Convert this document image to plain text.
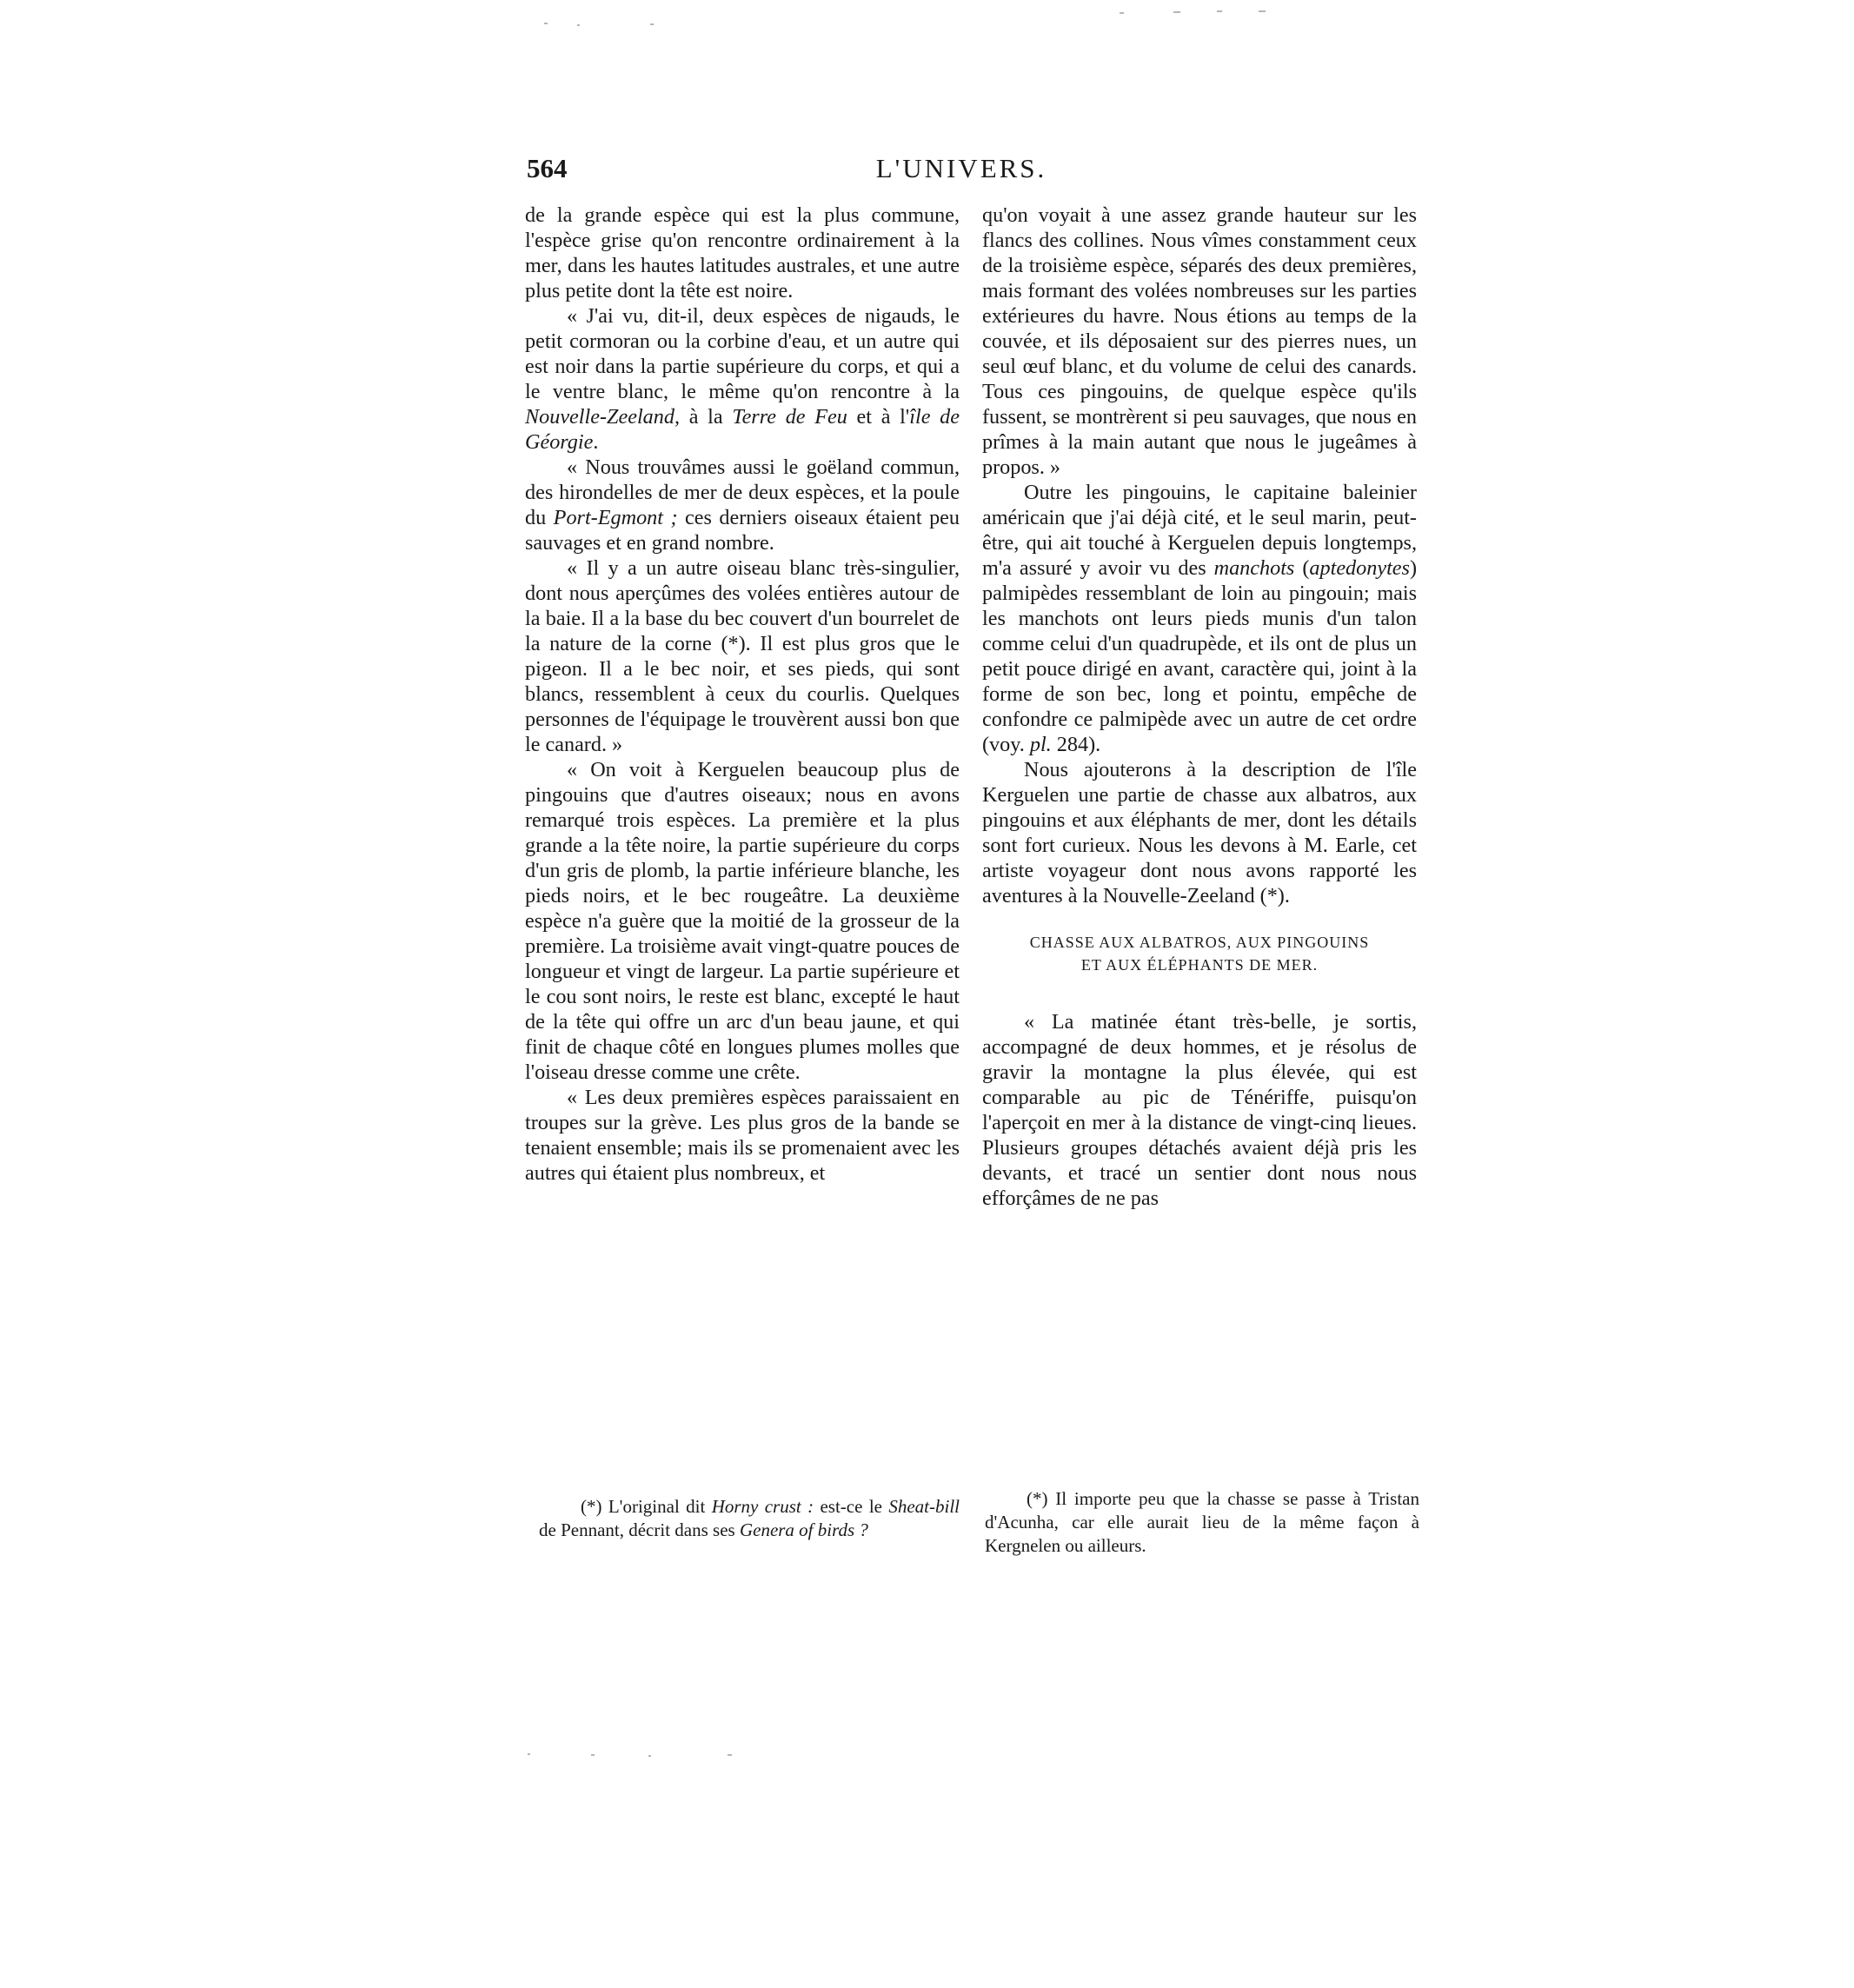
L'UNIVERS.
564

de la grande espèce qui est la plus commune, l'espèce grise qu'on rencontre ordinairement à la mer, dans les hautes latitudes australes, et une autre plus petite dont la tête est noire.

« J'ai vu, dit-il, deux espèces de nigauds, le petit cormoran ou la corbine d'eau, et un autre qui est noir dans la partie supérieure du corps, et qui a le ventre blanc, le même qu'on rencontre à la Nouvelle-Zeeland, à la Terre de Feu et à l'île de Géorgie.

« Nous trouvâmes aussi le goëland commun, des hirondelles de mer de deux espèces, et la poule du Port-Egmont ; ces derniers oiseaux étaient peu sauvages et en grand nombre.

« Il y a un autre oiseau blanc très-singulier, dont nous aperçûmes des volées entières autour de la baie. Il a la base du bec couvert d'un bourrelet de la nature de la corne (*). Il est plus gros que le pigeon. Il a le bec noir, et ses pieds, qui sont blancs, ressemblent à ceux du courlis. Quelques personnes de l'équipage le trouvèrent aussi bon que le canard. »

« On voit à Kerguelen beaucoup plus de pingouins que d'autres oiseaux; nous en avons remarqué trois espèces. La première et la plus grande a la tête noire, la partie supérieure du corps d'un gris de plomb, la partie inférieure blanche, les pieds noirs, et le bec rougeâtre. La deuxième espèce n'a guère que la moitié de la grosseur de la première. La troisième avait vingt-quatre pouces de longueur et vingt de largeur. La partie supérieure et le cou sont noirs, le reste est blanc, excepté le haut de la tête qui offre un arc d'un beau jaune, et qui finit de chaque côté en longues plumes molles que l'oiseau dresse comme une crête.

« Les deux premières espèces paraissaient en troupes sur la grève. Les plus gros de la bande se tenaient ensemble; mais ils se promenaient avec les autres qui étaient plus nombreux, et

qu'on voyait à une assez grande hauteur sur les flancs des collines. Nous vîmes constamment ceux de la troisième espèce, séparés des deux premières, mais formant des volées nombreuses sur les parties extérieures du havre. Nous étions au temps de la couvée, et ils déposaient sur des pierres nues, un seul œuf blanc, et du volume de celui des canards. Tous ces pingouins, de quelque espèce qu'ils fussent, se montrèrent si peu sauvages, que nous en prîmes à la main autant que nous le jugeâmes à propos. »

Outre les pingouins, le capitaine baleinier américain que j'ai déjà cité, et le seul marin, peut-être, qui ait touché à Kerguelen depuis longtemps, m'a assuré y avoir vu des manchots (aptedonytes) palmipèdes ressemblant de loin au pingouin; mais les manchots ont leurs pieds munis d'un talon comme celui d'un quadrupède, et ils ont de plus un petit pouce dirigé en avant, caractère qui, joint à la forme de son bec, long et pointu, empêche de confondre ce palmipède avec un autre de cet ordre (voy. pl. 284).

Nous ajouterons à la description de l'île Kerguelen une partie de chasse aux albatros, aux pingouins et aux éléphants de mer, dont les détails sont fort curieux. Nous les devons à M. Earle, cet artiste voyageur dont nous avons rapporté les aventures à la Nouvelle-Zeeland (*).

CHASSE AUX ALBATROS, AUX PINGOUINS
ET AUX ÉLÉPHANTS DE MER.

« La matinée étant très-belle, je sortis, accompagné de deux hommes, et je résolus de gravir la montagne la plus élevée, qui est comparable au pic de Ténériffe, puisqu'on l'aperçoit en mer à la distance de vingt-cinq lieues. Plusieurs groupes détachés avaient déjà pris les devants, et tracé un sentier dont nous nous efforçâmes de ne pas

(*) L'original dit Horny crust : est-ce le Sheat-bill de Pennant, décrit dans ses Genera of birds ?

(*) Il importe peu que la chasse se passe à Tristan d'Acunha, car elle aurait lieu de la même façon à Kergnelen ou ailleurs.
